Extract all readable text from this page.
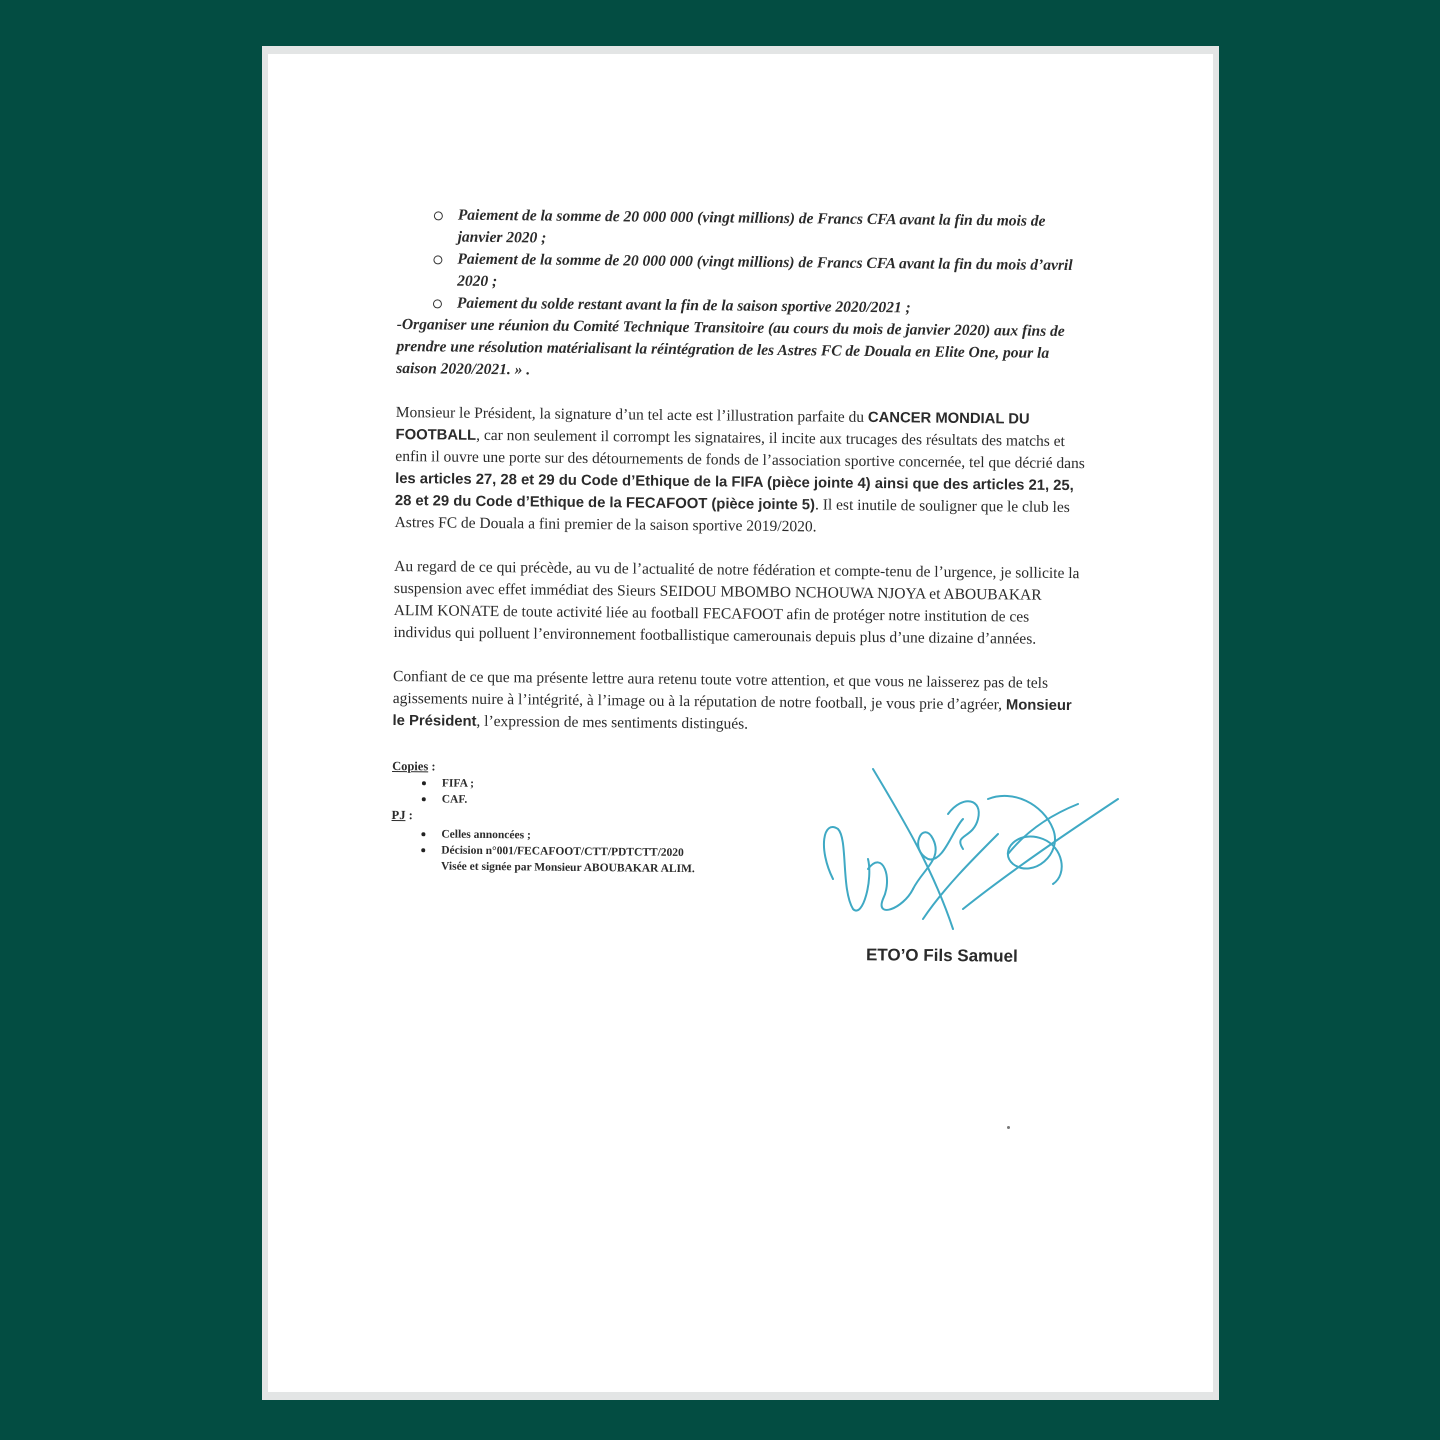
Paiement de la somme de 20 000 000 (vingt millions) de Francs CFA avant la fin du mois de janvier 2020 ;
Paiement de la somme de 20 000 000 (vingt millions) de Francs CFA avant la fin du mois d’avril 2020 ;
Paiement du solde restant avant la fin de la saison sportive 2020/2021 ;

-Organiser une réunion du Comité Technique Transitoire (au cours du mois de janvier 2020) aux fins de prendre une résolution matérialisant la réintégration de les Astres FC de Douala en Elite One, pour la saison 2020/2021. » .

Monsieur le Président, la signature d’un tel acte est l’illustration parfaite du CANCER MONDIAL DU FOOTBALL, car non seulement il corrompt les signataires, il incite aux trucages des résultats des matchs et enfin il ouvre une porte sur des détournements de fonds de l’association sportive concernée, tel que décrié dans les articles 27, 28 et 29 du Code d’Ethique de la FIFA (pièce jointe 4) ainsi que des articles 21, 25, 28 et 29 du Code d’Ethique de la FECAFOOT (pièce jointe 5). Il est inutile de souligner que le club les Astres FC de Douala a fini premier de la saison sportive 2019/2020.

Au regard de ce qui précède, au vu de l’actualité de notre fédération et compte-tenu de l’urgence, je sollicite la suspension avec effet immédiat des Sieurs SEIDOU MBOMBO NCHOUWA NJOYA et ABOUBAKAR ALIM KONATE de toute activité liée au football FECAFOOT afin de protéger notre institution de ces individus qui polluent l’environnement footballistique camerounais depuis plus d’une dizaine d’années.

Confiant de ce que ma présente lettre aura retenu toute votre attention, et que vous ne laisserez pas de tels agissements nuire à l’intégrité, à l’image ou à la réputation de notre football, je vous prie d’agréer, Monsieur le Président, l’expression de mes sentiments distingués.

Copies :
FIFA ;
CAF.
PJ :
Celles annoncées ;
Décision n°001/FECAFOOT/CTT/PDTCTT/2020 Visée et signée par Monsieur ABOUBAKAR ALIM.
ETO’O Fils Samuel
